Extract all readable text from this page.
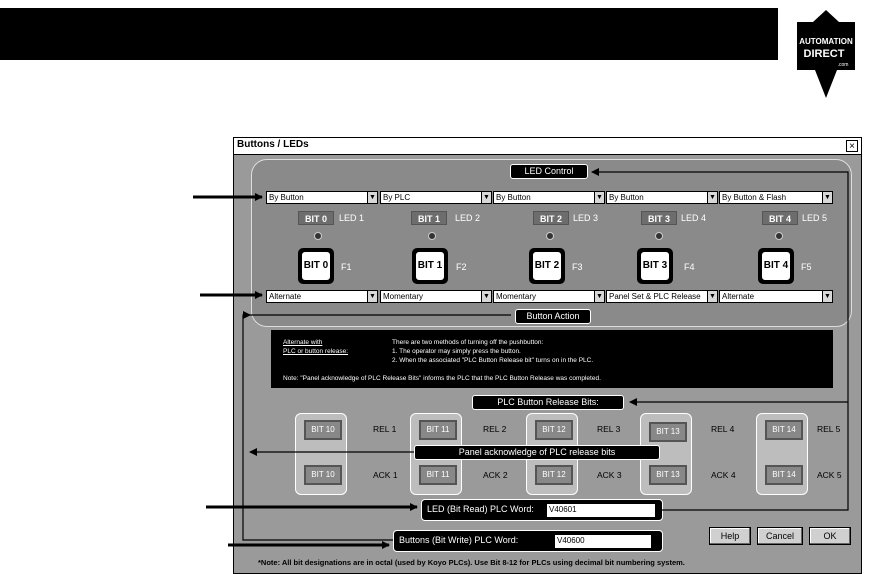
AUTOMATION
DIRECT
.com
Buttons / LEDs	×
LED Control
By Button	▼ By PLC	▼ By Button	▼ By Button	▼ By Button & Flash	▼
BIT 0	LED 1	BIT 1	LED 2	BIT 2	LED 3	BIT 3	LED 4	BIT 4	LED 5
BIT 0 F1	BIT 1 F2	BIT 2 F3	BIT 3 F4	BIT 4 F5
Alternate	▼ Momentary	▼ Momentary	▼ Panel Set & PLC Release ▼ Alternate	▼
Button Action
Alternate with
PLC or button release:
There are two methods of turning off the pushbutton:
1. The operator may simply press the button.
2. When the associated "PLC Button Release bit" turns on in the PLC.
Note: "Panel acknowledge of PLC Release Bits" informs the PLC that the PLC Button Release was completed.
PLC Button Release Bits:
BIT 10	REL 1	BIT 11	REL 2	BIT 12	REL 3	BIT 13	REL 4	BIT 14	REL 5
Panel acknowledge of PLC release bits
BIT 10	ACK 1	BIT 11	ACK 2	BIT 12	ACK 3	BIT 13	ACK 4	BIT 14	ACK 5
LED (Bit Read) PLC Word:	V40601
Buttons (Bit Write) PLC Word:	V40600	Help	Cancel	OK
*Note: All bit designations are in octal (used by Koyo PLCs). Use Bit 8-12 for PLCs using decimal bit numbering system.
